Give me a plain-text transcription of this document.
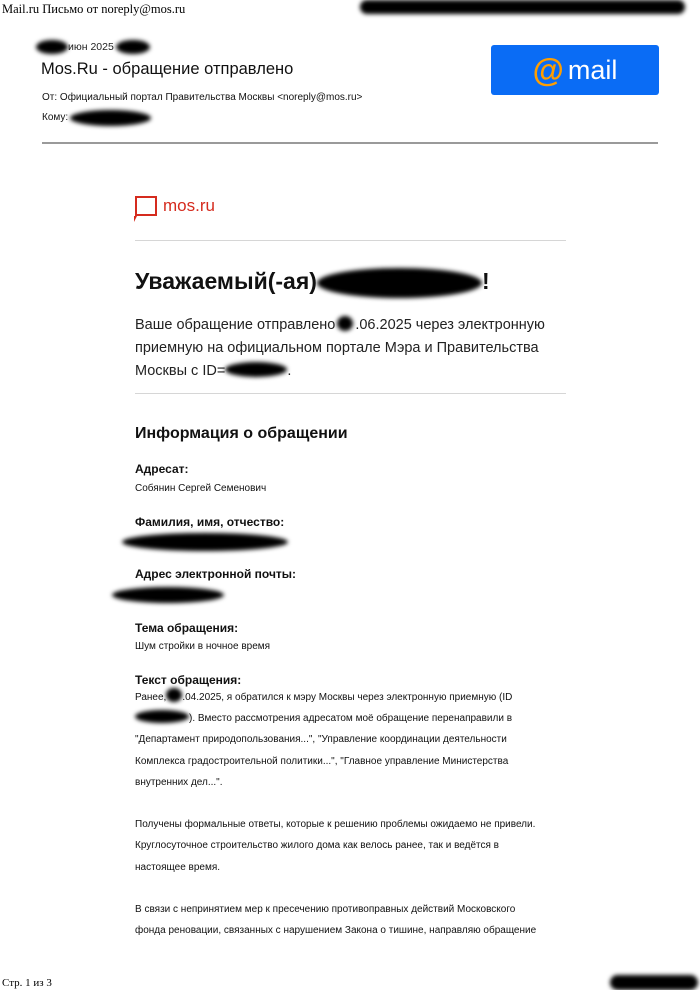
Mail.ru Письмо от noreply@mos.ru
июн 2025
Mos.Ru - обращение отправлено
От: Официальный портал Правительства Москвы <noreply@mos.ru>
Кому:
@ mail
mos.ru
Уважаемый(-ая)	!
Ваше обращение отправлено .06.2025 через электронную
приемную на официальном портале Мэра и Правительства
Москвы с ID=	.
Информация о обращении
Адресат:
Собянин Сергей Семенович
Фамилия, имя, отчество:
Адрес электронной почты:
Тема обращения:
Шум стройки в ночное время
Текст обращения:
Ранее, .04.2025, я обратился к мэру Москвы через электронную приемную (ID
). Вместо рассмотрения адресатом моё обращение перенаправили в
"Департамент природопользования...", "Управление координации деятельности
Комплекса градостроительной политики...", "Главное управление Министерства
внутренних дел...".
Получены формальные ответы, которые к решению проблемы ожидаемо не привели.
Круглосуточное строительство жилого дома как велось ранее, так и ведётся в
настоящее время.
В связи с непринятием мер к пресечению противоправных действий Московского
фонда реновации, связанных с нарушением Закона о тишине, направляю обращение
Стр. 1 из 3
